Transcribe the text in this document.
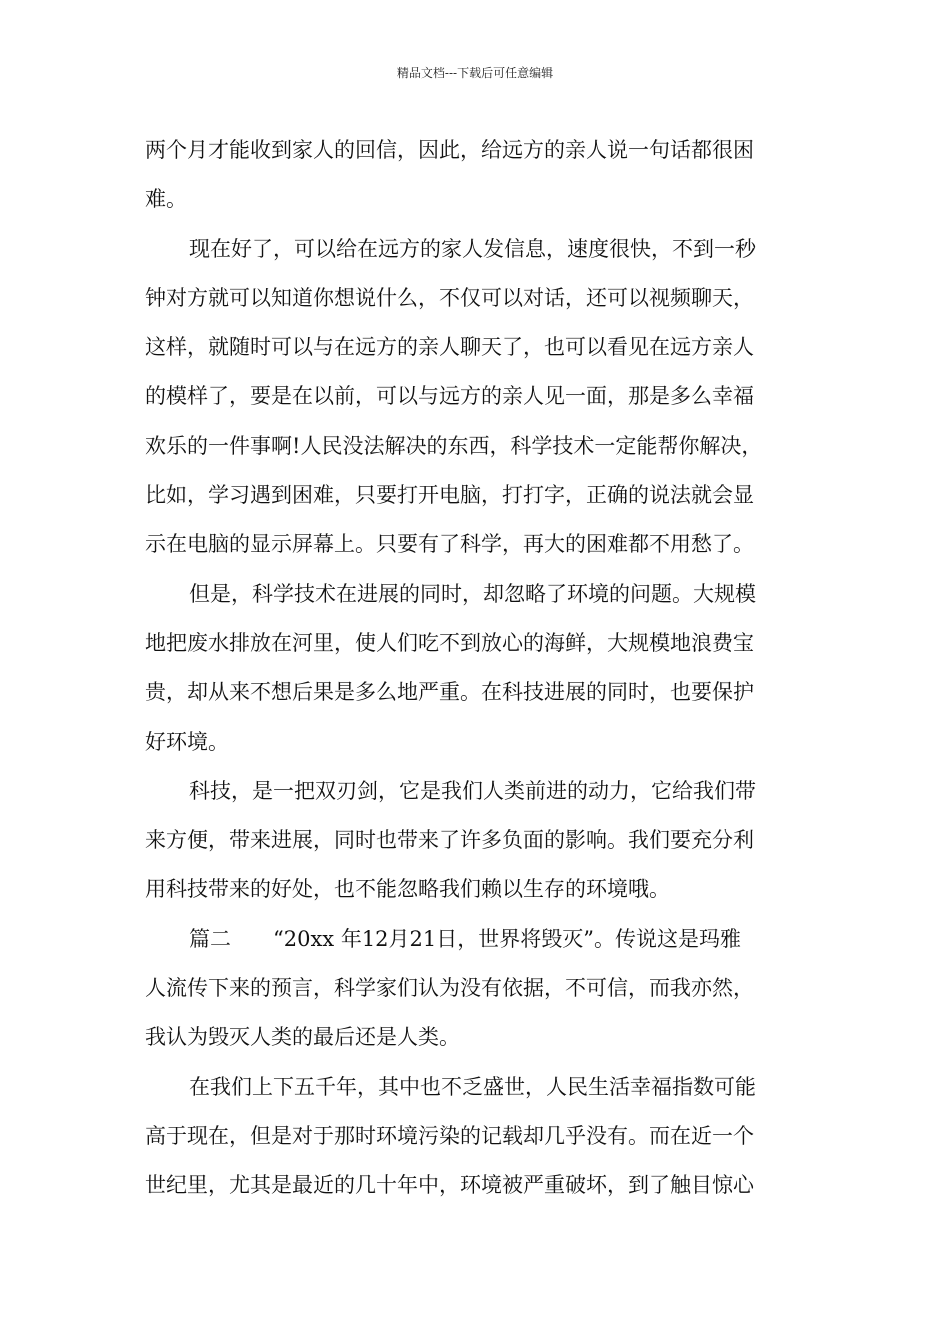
精品文档---下载后可任意编辑
两个月才能收到家人的回信，因此，给远方的亲人说一句话都很困
难。
现在好了，可以给在远方的家人发信息，速度很快，不到一秒
钟对方就可以知道你想说什么，不仅可以对话，还可以视频聊天，
这样，就随时可以与在远方的亲人聊天了，也可以看见在远方亲人
的模样了，要是在以前，可以与远方的亲人见一面，那是多么幸福
欢乐的一件事啊!人民没法解决的东西，科学技术一定能帮你解决，
比如，学习遇到困难，只要打开电脑，打打字，正确的说法就会显
示在电脑的显示屏幕上。只要有了科学，再大的困难都不用愁了。
但是，科学技术在进展的同时，却忽略了环境的问题。大规模
地把废水排放在河里，使人们吃不到放心的海鲜，大规模地浪费宝
贵，却从来不想后果是多么地严重。在科技进展的同时，也要保护
好环境。
科技，是一把双刃剑，它是我们人类前进的动力，它给我们带
来方便，带来进展，同时也带来了许多负面的影响。我们要充分利
用科技带来的好处，也不能忽略我们赖以生存的环境哦。
篇二　　“20xx 年12月21日，世界将毁灭”。传说这是玛雅
人流传下来的预言，科学家们认为没有依据，不可信，而我亦然，
我认为毁灭人类的最后还是人类。
在我们上下五千年，其中也不乏盛世，人民生活幸福指数可能
高于现在，但是对于那时环境污染的记载却几乎没有。而在近一个
世纪里，尤其是最近的几十年中，环境被严重破坏，到了触目惊心
